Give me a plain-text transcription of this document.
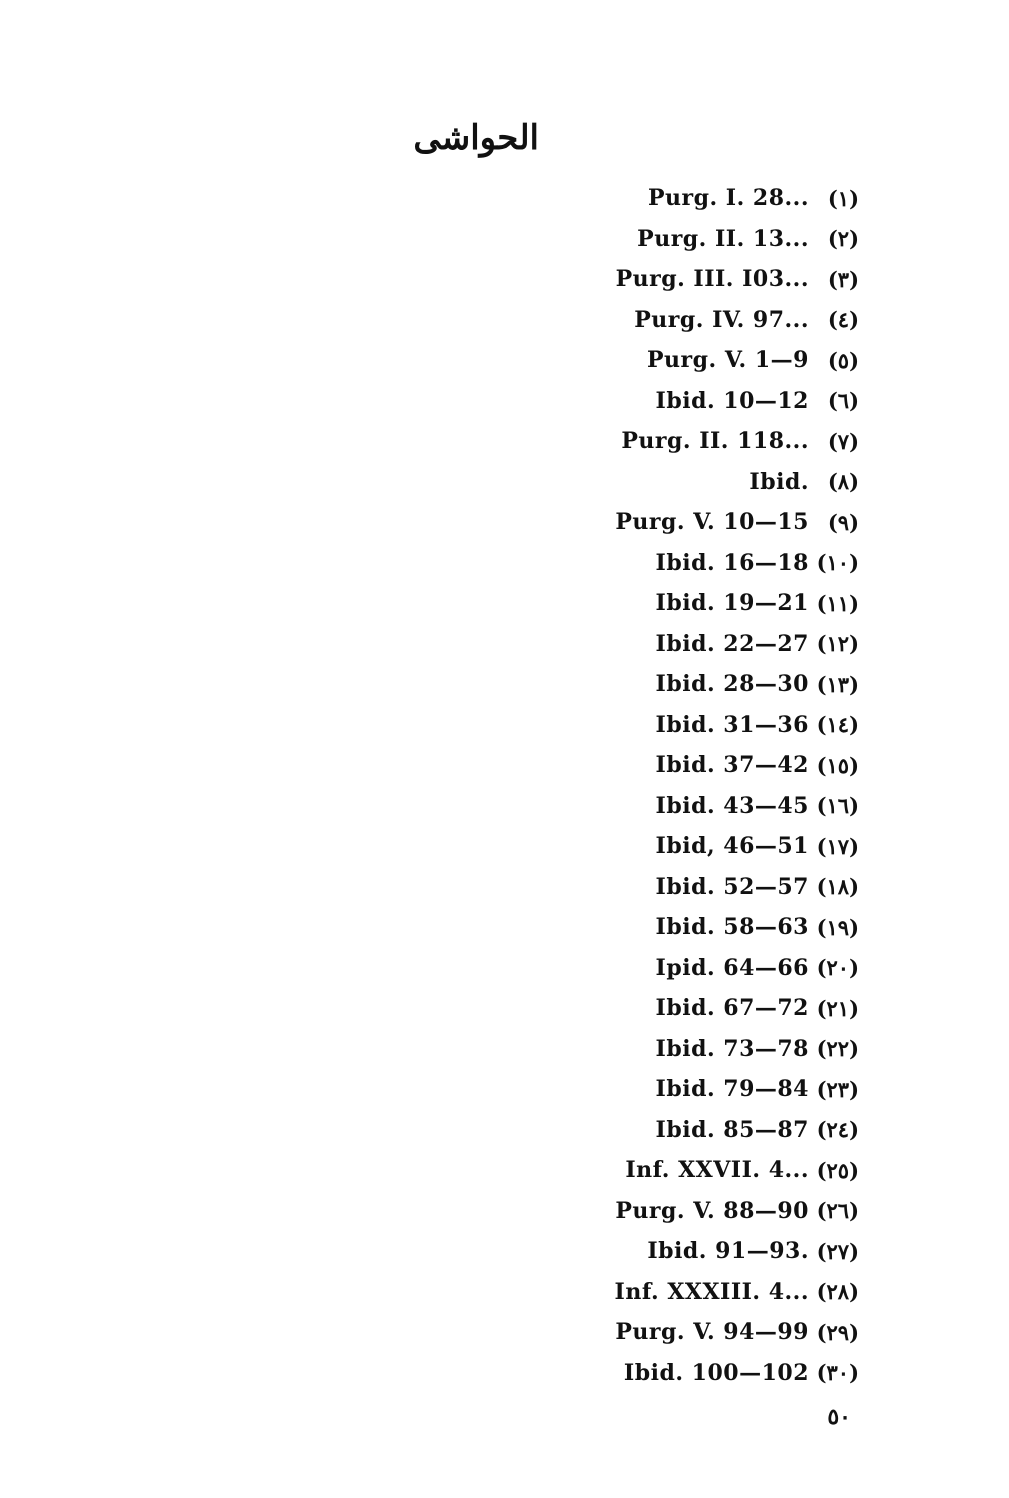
الحواشى
Purg. I. 28... (١)
Purg. II. 13... (٢)
Purg. III. I03... (٣)
Purg. IV. 97... (٤)
Purg. V. 1—9 (٥)
Ibid. 10—12 (٦)
Purg. II. 118... (٧)
Ibid. (٨)
Purg. V. 10—15 (٩)
Ibid. 16—18 (١٠)
Ibid. 19—21 (١١)
Ibid. 22—27 (١٢)
Ibid. 28—30 (١٣)
Ibid. 31—36 (١٤)
Ibid. 37—42 (١٥)
Ibid. 43—45 (١٦)
Ibid, 46—51 (١٧)
Ibid. 52—57 (١٨)
Ibid. 58—63 (١٩)
Ipid. 64—66 (٢٠)
Ibid. 67—72 (٢١)
Ibid. 73—78 (٢٢)
Ibid. 79—84 (٢٣)
Ibid. 85—87 (٢٤)
Inf. XXVII. 4... (٢٥)
Purg. V. 88—90 (٢٦)
Ibid. 91—93. (٢٧)
Inf. XXXIII. 4... (٢٨)
Purg. V. 94—99 (٢٩)
Ibid. 100—102 (٣٠)
٥٠
